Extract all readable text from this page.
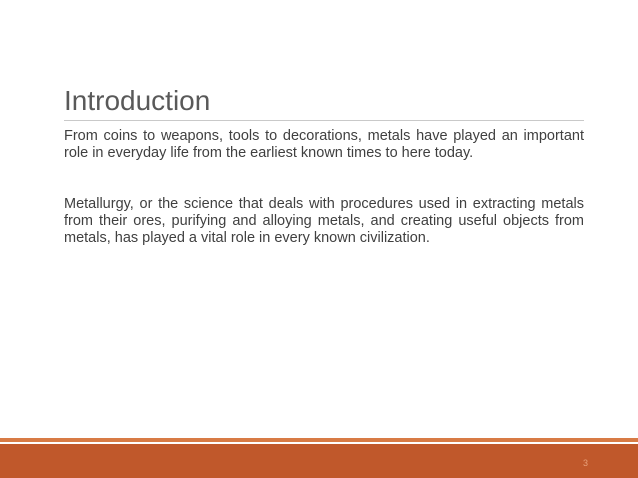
Introduction

From coins to weapons, tools to decorations, metals have played an important role in everyday life from the earliest known times to here today.

Metallurgy, or the science that deals with procedures used in extracting metals from their ores, purifying and alloying metals, and creating useful objects from metals, has played a vital role in every known civilization.

3
